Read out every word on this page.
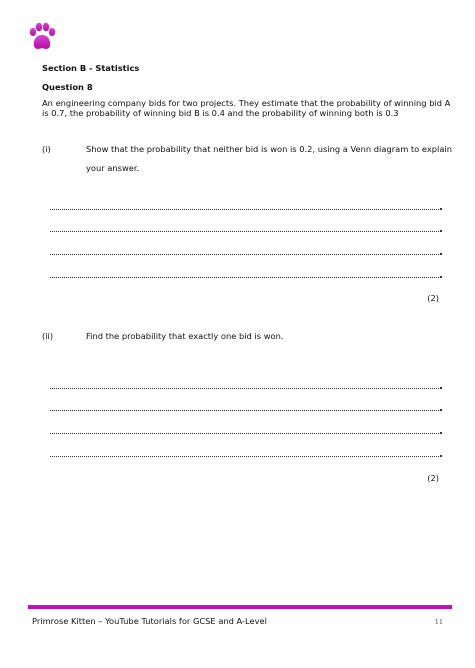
Section B - Statistics
Question 8
An engineering company bids for two projects. They estimate that the probability of winning bid A is 0.7, the probability of winning bid B is 0.4 and the probability of winning both is 0.3
(i)	Show that the probability that neither bid is won is 0.2, using a Venn diagram to explain your answer.
(2)
(ii)	Find the probability that exactly one bid is won.
(2)
Primrose Kitten – YouTube Tutorials for GCSE and A-Level	11
